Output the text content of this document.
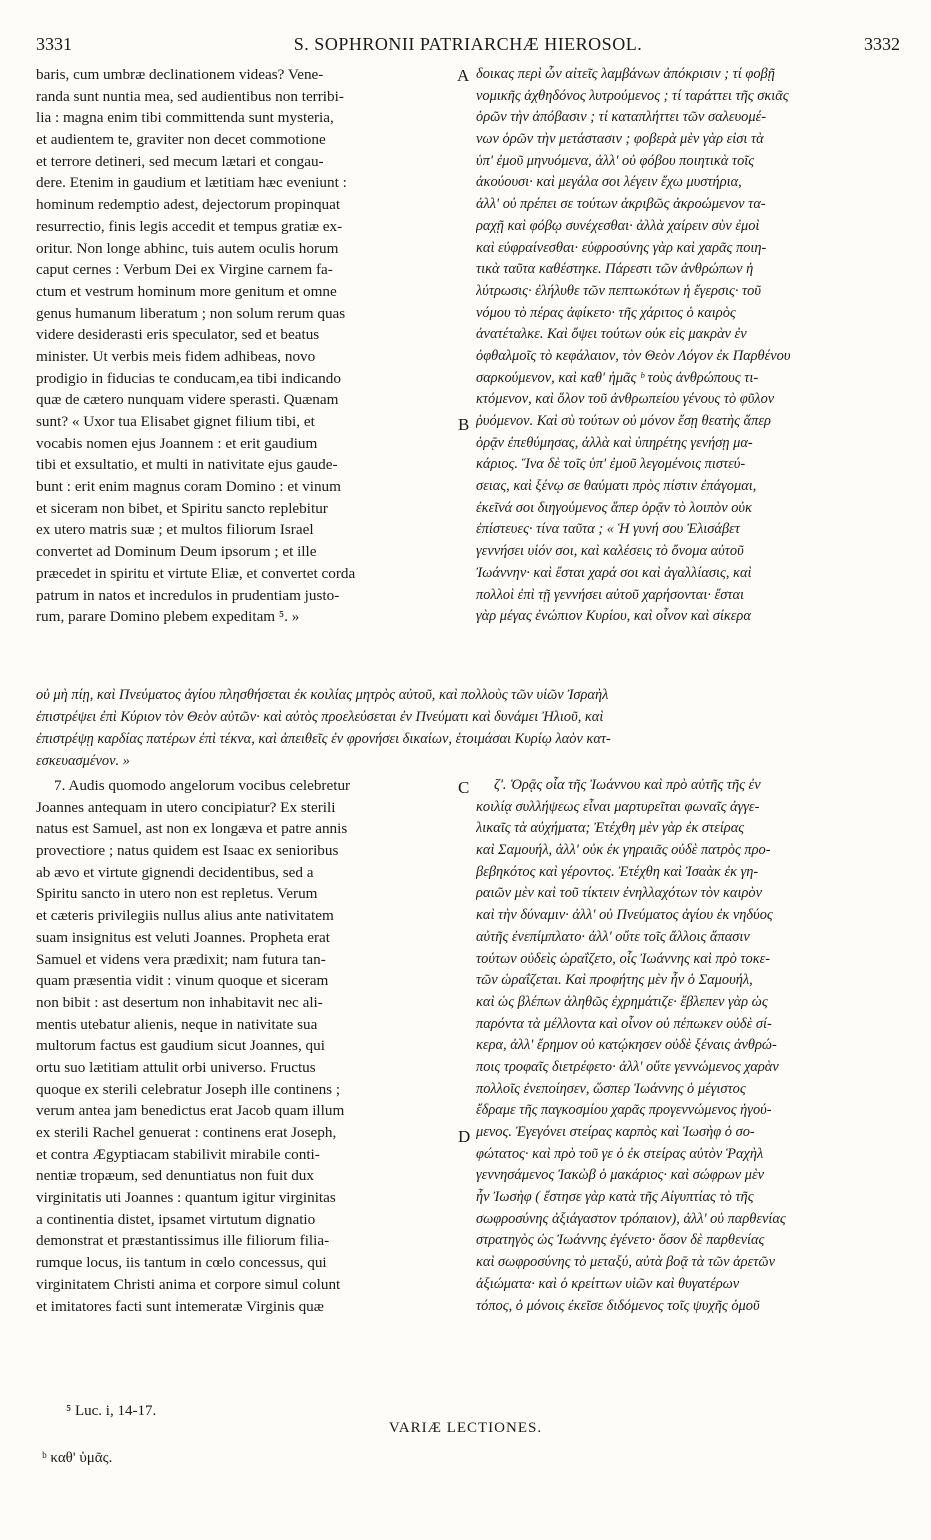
3331	S. SOPHRONII PATRIARCHÆ HIEROSOL.	3332
baris, cum umbræ declinationem videas? Vene-
randa sunt nuntia mea, sed audientibus non terribi-
lia : magna enim tibi committenda sunt mysteria,
et audientem te, graviter non decet commotione
et terrore detineri, sed mecum lætari et congau-
dere. Etenim in gaudium et lætitiam hæc eveniunt :
hominum redemptio adest, dejectorum propinquat
resurrectio, finis legis accedit et tempus gratiæ ex-
oritur. Non longe abhinc, tuis autem oculis horum
caput cernes : Verbum Dei ex Virgine carnem fa-
ctum et vestrum hominum more genitum et omne
genus humanum liberatum ; non solum rerum quas
videre desiderasti eris speculator, sed et beatus
minister. Ut verbis meis fidem adhibeas, novo
prodigio in fiducias te conducam,ea tibi indicando
quæ de cætero nunquam videre sperasti. Quænam
sunt? « Uxor tua Elisabet gignet filium tibi, et
vocabis nomen ejus Joannem : et erit gaudium
tibi et exsultatio, et multi in nativitate ejus gaude-
bunt : erit enim magnus coram Domino : et vinum
et siceram non bibet, et Spiritu sancto replebitur
ex utero matris suæ ; et multos filiorum Israel
convertet ad Dominum Deum ipsorum ; et ille
præcedet in spiritu et virtute Eliæ, et convertet corda
patrum in natos et incredulos in prudentiam justo-
rum, parare Domino plebem expeditam ⁵. »
A δοικας περὶ ὧν αἰτεῖς λαμβάνων ἀπόκρισιν ; τί φοβῇ
νομικῆς ἀχθηδόνος λυτρούμενος ; τί ταράττει τῆς σκιᾶς
ὁρῶν τὴν ἀπόβασιν ; τί καταπλήττει τῶν σαλευομέ-
νων ὁρῶν τὴν μετάστασιν ; φοβερὰ μὲν γὰρ εἰσι τὰ
ὑπ' ἐμοῦ μηνυόμενα, ἀλλ' οὐ φόβου ποιητικὰ τοῖς
ἀκούουσι· καὶ μεγάλα σοι λέγειν ἔχω μυστήρια,
ἀλλ' οὐ πρέπει σε τούτων ἀκριβῶς ἀκροώμενον τα-
ραχῇ καὶ φόβῳ συνέχεσθαι· ἀλλὰ χαίρειν σὺν ἐμοὶ
καὶ εὐφραίνεσθαι· εὐφροσύνης γὰρ καὶ χαρᾶς ποιη-
τικὰ ταῦτα καθέστηκε. Πάρεστι τῶν ἀνθρώπων ἡ
λύτρωσις· ἐλήλυθε τῶν πεπτωκότων ἡ ἔγερσις· τοῦ
νόμου τὸ πέρας ἀφίκετο· τῆς χάριτος ὁ καιρὸς
ἀνατέταλκε. Καὶ ὄψει τούτων οὐκ εἰς μακρὰν ἐν
ὀφθαλμοῖς τὸ κεφάλαιον, τὸν Θεὸν Λόγον ἐκ Παρθένου
σαρκούμενον, καὶ καθ' ἡμᾶς ᵇ τοὺς ἀνθρώπους τι-
κτόμενον, καὶ ὅλον τοῦ ἀνθρωπείου γένους τὸ φῦλον
ῥυόμενον. Καὶ σὺ τούτων οὐ μόνον ἔσῃ θεατὴς ἅπερ
ὁρᾷν ἐπεθύμησας, ἀλλὰ καὶ ὑπηρέτης γενήσῃ μα-
κάριος. Ἵνα δὲ τοῖς ὑπ' ἐμοῦ λεγομένοις πιστεύ-
σειας, καὶ ξένῳ σε θαύματι πρὸς πίστιν ἐπάγομαι,
ἐκεῖνά σοι διηγούμενος ἅπερ ὁρᾷν τὸ λοιπὸν οὐκ
ἐπίστευες· τίνα ταῦτα ; « Ἡ γυνή σου Ἐλισάβετ
γεννήσει υἱόν σοι, καὶ καλέσεις τὸ ὄνομα αὐτοῦ
Ἰωάννην· καὶ ἔσται χαρά σοι καὶ ἀγαλλίασις, καὶ
πολλοὶ ἐπὶ τῇ γεννήσει αὐτοῦ χαρήσονται· ἔσται
γὰρ μέγας ἐνώπιον Κυρίου, καὶ οἶνον καὶ σίκερα
B
οὐ μὴ πίῃ, καὶ Πνεύματος ἁγίου πλησθήσεται ἐκ κοιλίας μητρὸς αὐτοῦ, καὶ πολλοὺς τῶν υἱῶν Ἰσραὴλ
ἐπιστρέψει ἐπὶ Κύριον τὸν Θεὸν αὐτῶν· καὶ αὐτὸς προελεύσεται ἐν Πνεύματι καὶ δυνάμει Ἠλιοῦ, καὶ
ἐπιστρέψῃ καρδίας πατέρων ἐπὶ τέκνα, καὶ ἀπειθεῖς ἐν φρονήσει δικαίων, ἑτοιμάσαι Κυρίῳ λαὸν κατ-
εσκευασμένον. »
7. Audis quomodo angelorum vocibus celebretur
Joannes antequam in utero concipiatur? Ex sterili
natus est Samuel, ast non ex longæva et patre annis
provectiore ; natus quidem est Isaac ex senioribus
ab ævo et virtute gignendi decidentibus, sed a
Spiritu sancto in utero non est repletus. Verum
et cæteris privilegiis nullus alius ante nativitatem
suam insignitus est veluti Joannes. Propheta erat
Samuel et videns vera prædixit; nam futura tan-
quam præsentia vidit : vinum quoque et siceram
non bibit : ast desertum non inhabitavit nec ali-
mentis utebatur alienis, neque in nativitate sua
multorum factus est gaudium sicut Joannes, qui
ortu suo lætitiam attulit orbi universo. Fructus
quoque ex sterili celebratur Joseph ille continens ;
verum antea jam benedictus erat Jacob quam illum
ex sterili Rachel genuerat : continens erat Joseph,
et contra Ægyptiacam stabilivit mirabile conti-
nentiæ tropæum, sed denuntiatus non fuit dux
virginitatis uti Joannes : quantum igitur virginitas
a continentia distet, ipsamet virtutum dignatio
demonstrat et præstantissimus ille filiorum filia-
rumque locus, iis tantum in cœlo concessus, qui
virginitatem Christi anima et corpore simul colunt
et imitatores facti sunt intemeratæ Virginis quæ
C	ζ'. Ὁρᾷς οἷα τῆς Ἰωάννου καὶ πρὸ αὐτῆς τῆς ἐν
κοιλίᾳ συλλήψεως εἶναι μαρτυρεῖται φωναῖς ἀγγε-
λικαῖς τὰ αὐχήματα; Ἐτέχθη μὲν γὰρ ἐκ στείρας
καὶ Σαμουήλ, ἀλλ' οὐκ ἐκ γηραιᾶς οὐδὲ πατρὸς προ-
βεβηκότος καὶ γέροντος. Ἐτέχθη καὶ Ἰσαὰκ ἐκ γη-
ραιῶν μὲν καὶ τοῦ τίκτειν ἐνηλλαχότων τὸν καιρὸν
καὶ τὴν δύναμιν· ἀλλ' οὐ Πνεύματος ἁγίου ἐκ νηδύος
αὐτῆς ἐνεπίμπλατο· ἀλλ' οὔτε τοῖς ἄλλοις ἅπασιν
τούτων οὐδεὶς ὡραΐζετο, οἷς Ἰωάννης καὶ πρὸ τοκε-
τῶν ὡραΐζεται. Καὶ προφήτης μὲν ἦν ὁ Σαμουήλ,
καὶ ὡς βλέπων ἀληθῶς ἐχρημάτιζε· ἔβλεπεν γὰρ ὡς
παρόντα τὰ μέλλοντα καὶ οἶνον οὐ πέπωκεν οὐδὲ σί-
κερα, ἀλλ' ἔρημον οὐ κατῴκησεν οὐδὲ ξέναις ἀνθρώ-
ποις τροφαῖς διετρέφετο· ἀλλ' οὔτε γεννώμενος χαρὰν
πολλοῖς ἐνεποίησεν, ὥσπερ Ἰωάννης ὁ μέγιστος
ἔδραμε τῆς παγκοσμίου χαρᾶς προγεννώμενος ἡγού-
μενος. Ἐγεγόνει στείρας καρπὸς καὶ Ἰωσὴφ ὁ σο-
φώτατος· καὶ πρὸ τοῦ γε ὁ ἐκ στείρας αὐτὸν Ῥαχὴλ
γεννησάμενος Ἰακὼβ ὁ μακάριος· καὶ σώφρων μὲν
ἦν Ἰωσὴφ ( ἔστησε γὰρ κατὰ τῆς Αἰγυπτίας τὸ τῆς
σωφροσύνης ἀξιάγαστον τρόπαιον), ἀλλ' οὐ παρθενίας
στρατηγὸς ὡς Ἰωάννης ἐγένετο· ὅσον δὲ παρθενίας
καὶ σωφροσύνης τὸ μεταξύ, αὐτὰ βοᾷ τὰ τῶν ἀρετῶν
ἀξιώματα· καὶ ὁ κρείττων υἱῶν καὶ θυγατέρων
τόπος, ὁ μόνοις ἐκεῖσε διδόμενος τοῖς ψυχῆς ὁμοῦ
D
⁵ Luc. i, 14-17.
VARIÆ LECTIONES.
ᵇ καθ' ὑμᾶς.
